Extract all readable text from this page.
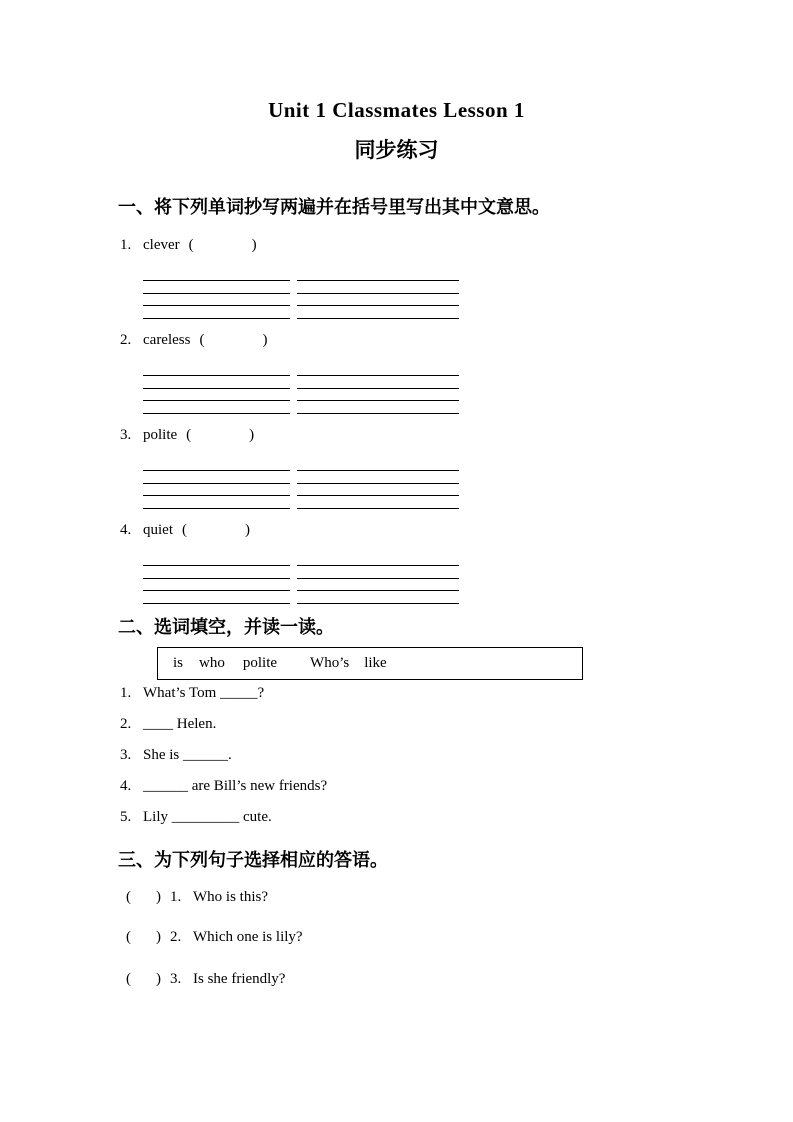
Unit 1 Classmates Lesson 1
同步练习
一、将下列单词抄写两遍并在括号里写出其中文意思。
1. clever (	)
2. careless (	)
3. polite (	)
4. quiet (	)
二、选词填空，并读一读。
is who polite Who’s like
1. What’s Tom _____?
2. ____ Helen.
3. She is ______.
4. ______ are Bill’s new friends?
5. Lily _________ cute.
三、为下列句子选择相应的答语。
( ) 1. Who is this?
( ) 2. Which one is lily?
( ) 3. Is she friendly?
